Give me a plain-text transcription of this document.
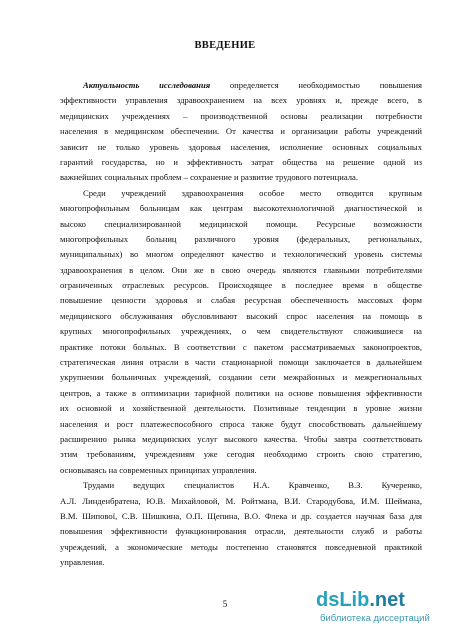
ВВЕДЕНИЕ
Актуальность исследования определяется необходимостью повышения
эффективности управления здравоохранением на всех уровнях и, прежде всего, в
медицинских учреждениях – производственной основы реализации потребности
населения в медицинском обеспечении. От качества и организации работы учреждений
зависит не только уровень здоровья населения, исполнение основных социальных
гарантий государства, но и эффективность затрат общества на решение одной из
важнейших социальных проблем – сохранение и развитие трудового потенциала.
Среди учреждений здравоохранения особое место отводится крупным
многопрофильным больницам как центрам высокотехнологичной диагностической и
высоко специализированной медицинской помощи. Ресурсные возможности
многопрофильных больниц различного уровня (федеральных, региональных,
муниципальных) во многом определяют качество и технологический уровень системы
здравоохранения в целом. Они же в свою очередь являются главными потребителями
ограниченных отраслевых ресурсов. Происходящее в последнее время в обществе
повышение ценности здоровья и слабая ресурсная обеспеченность массовых форм
медицинского обслуживания обусловливают высокий спрос населения на помощь в
крупных многопрофильных учреждениях, о чем свидетельствуют сложившиеся на
практике потоки больных. В соответствии с пакетом рассматриваемых законопроектов,
стратегическая линия отрасли в части стационарной помощи заключается в дальнейшем
укрупнении больничных учреждений, создании сети межрайонных и межрегиональных
центров, а также в оптимизации тарифной политики на основе повышения эффективности
их основной и хозяйственной деятельности. Позитивные тенденции в уровне жизни
населения и рост платежеспособного спроса также будут способствовать дальнейшему
расширению рынка медицинских услуг высокого качества. Чтобы завтра соответствовать
этим требованиям, учреждениям уже сегодня необходимо строить свою стратегию,
основываясь на современных принципах управления.
Трудами ведущих специалистов Н.А. Кравченко, В.З. Кучеренко,
А.Л. Линденбратена, Ю.В. Михайловой, М. Ройтмана, В.И. Стародубова, И.М. Шеймана,
В.М. Шипової, С.В. Шишкина, О.П. Щепина, В.О. Флека и др. создается научная база для
повышения эффективности функционирования отрасли, деятельности служб и работы
учреждений, а экономические методы постепенно становятся повседневной практикой
управления.
5	dsLib.net
библиотека диссертаций
